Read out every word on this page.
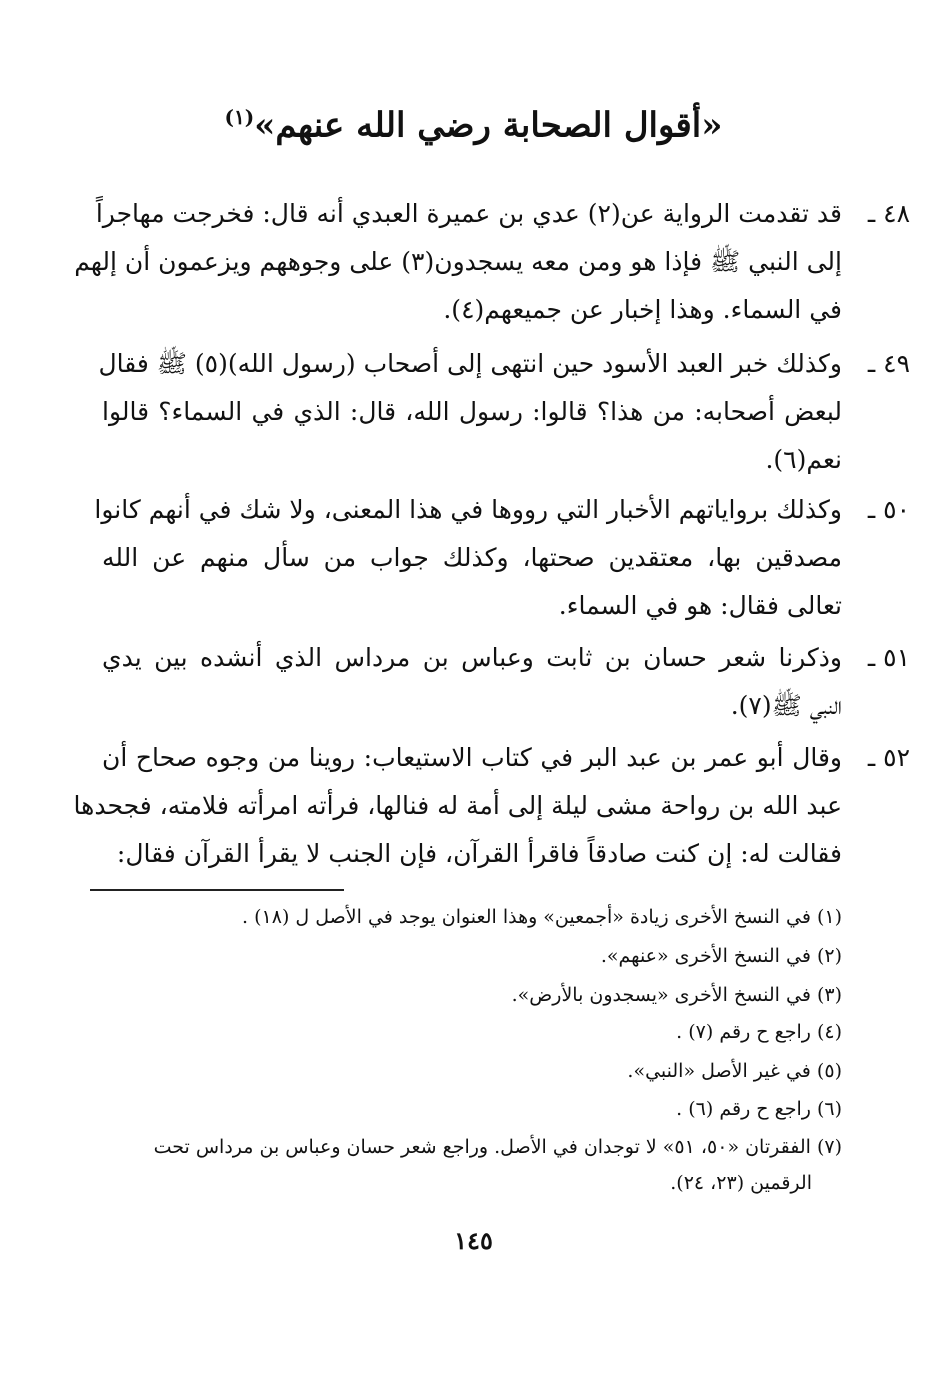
«أقوال الصحابة رضي الله عنهم»$^{(١)}$
٤٨ ـ
قد تقدمت الرواية عن(٢) عدي بن عميرة العبدي أنه قال: فخرجت مهاجراً
إلى النبي ﷺ فإذا هو ومن معه يسجدون(٣) على وجوههم ويزعمون أن إلهم
في السماء. وهذا إخبار عن جميعهم(٤).
٤٩ ـ
وكذلك خبر العبد الأسود حين انتهى إلى أصحاب (رسول الله)(٥) ﷺ فقال
لبعض أصحابه: من هذا؟ قالوا: رسول الله، قال: الذي في السماء؟ قالوا
نعم(٦).
٥٠ ـ
وكذلك برواياتهم الأخبار التي رووها في هذا المعنى، ولا شك في أنهم كانوا
مصدقين بها، معتقدين صحتها، وكذلك جواب من سأل منهم عن الله
تعالى فقال: هو في السماء.
٥١ ـ
وذكرنا شعر حسان بن ثابت وعباس بن مرداس الذي أنشده بين يدي
النبي ﷺ(٧).
٥٢ ـ
وقال أبو عمر بن عبد البر في كتاب الاستيعاب: روينا من وجوه صحاح أن
عبد الله بن رواحة مشى ليلة إلى أمة له فنالها، فرأته امرأته فلامته، فجحدها
فقالت له: إن كنت صادقاً فاقرأ القرآن، فإن الجنب لا يقرأ القرآن فقال:
(١) في النسخ الأخرى زيادة «أجمعين» وهذا العنوان يوجد في الأصل ل (١٨) .
(٢) في النسخ الأخرى «عنهم».
(٣) في النسخ الأخرى «يسجدون بالأرض».
(٤) راجع ح رقم (٧) .
(٥) في غير الأصل «النبي».
(٦) راجع ح رقم (٦) .
(٧) الفقرتان «٥٠، ٥١» لا توجدان في الأصل. وراجع شعر حسان وعباس بن مرداس تحت
الرقمين (٢٣، ٢٤).
١٤٥
